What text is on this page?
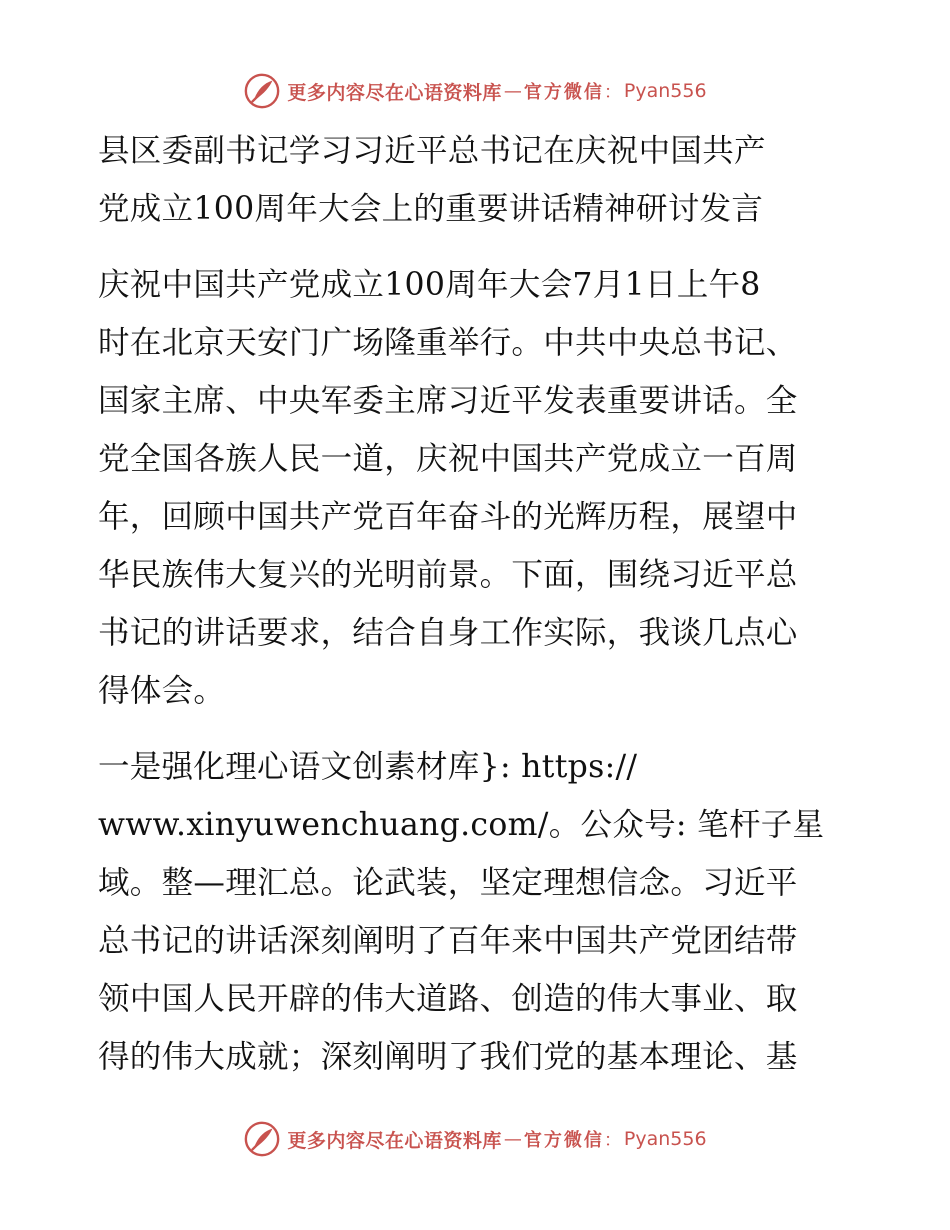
更多内容尽在心语资料库 — 官方微信 ： Pyan556

县区委副书记学习习近平总书记在庆祝中国共产
党成立100周年大会上的重要讲话精神研讨发言

庆祝中国共产党成立100周年大会7月1日上午8
时在北京天安门广场隆重举行。中共中央总书记、
国家主席、中央军委主席习近平发表重要讲话。全
党全国各族人民一道，庆祝中国共产党成立一百周
年，回顾中国共产党百年奋斗的光辉历程，展望中
华民族伟大复兴的光明前景。下面，围绕习近平总
书记的讲话要求，结合自身工作实际，我谈几点心
得体会。

一是强化理心语文创素材库}: https://
www.xinyuwenchuang.com/。公众号: 笔杆子星
域。整—理汇总。论武装，坚定理想信念。习近平
总书记的讲话深刻阐明了百年来中国共产党团结带
领中国人民开辟的伟大道路、创造的伟大事业、取
得的伟大成就；深刻阐明了我们党的基本理论、基

更多内容尽在心语资料库 — 官方微信 ： Pyan556
